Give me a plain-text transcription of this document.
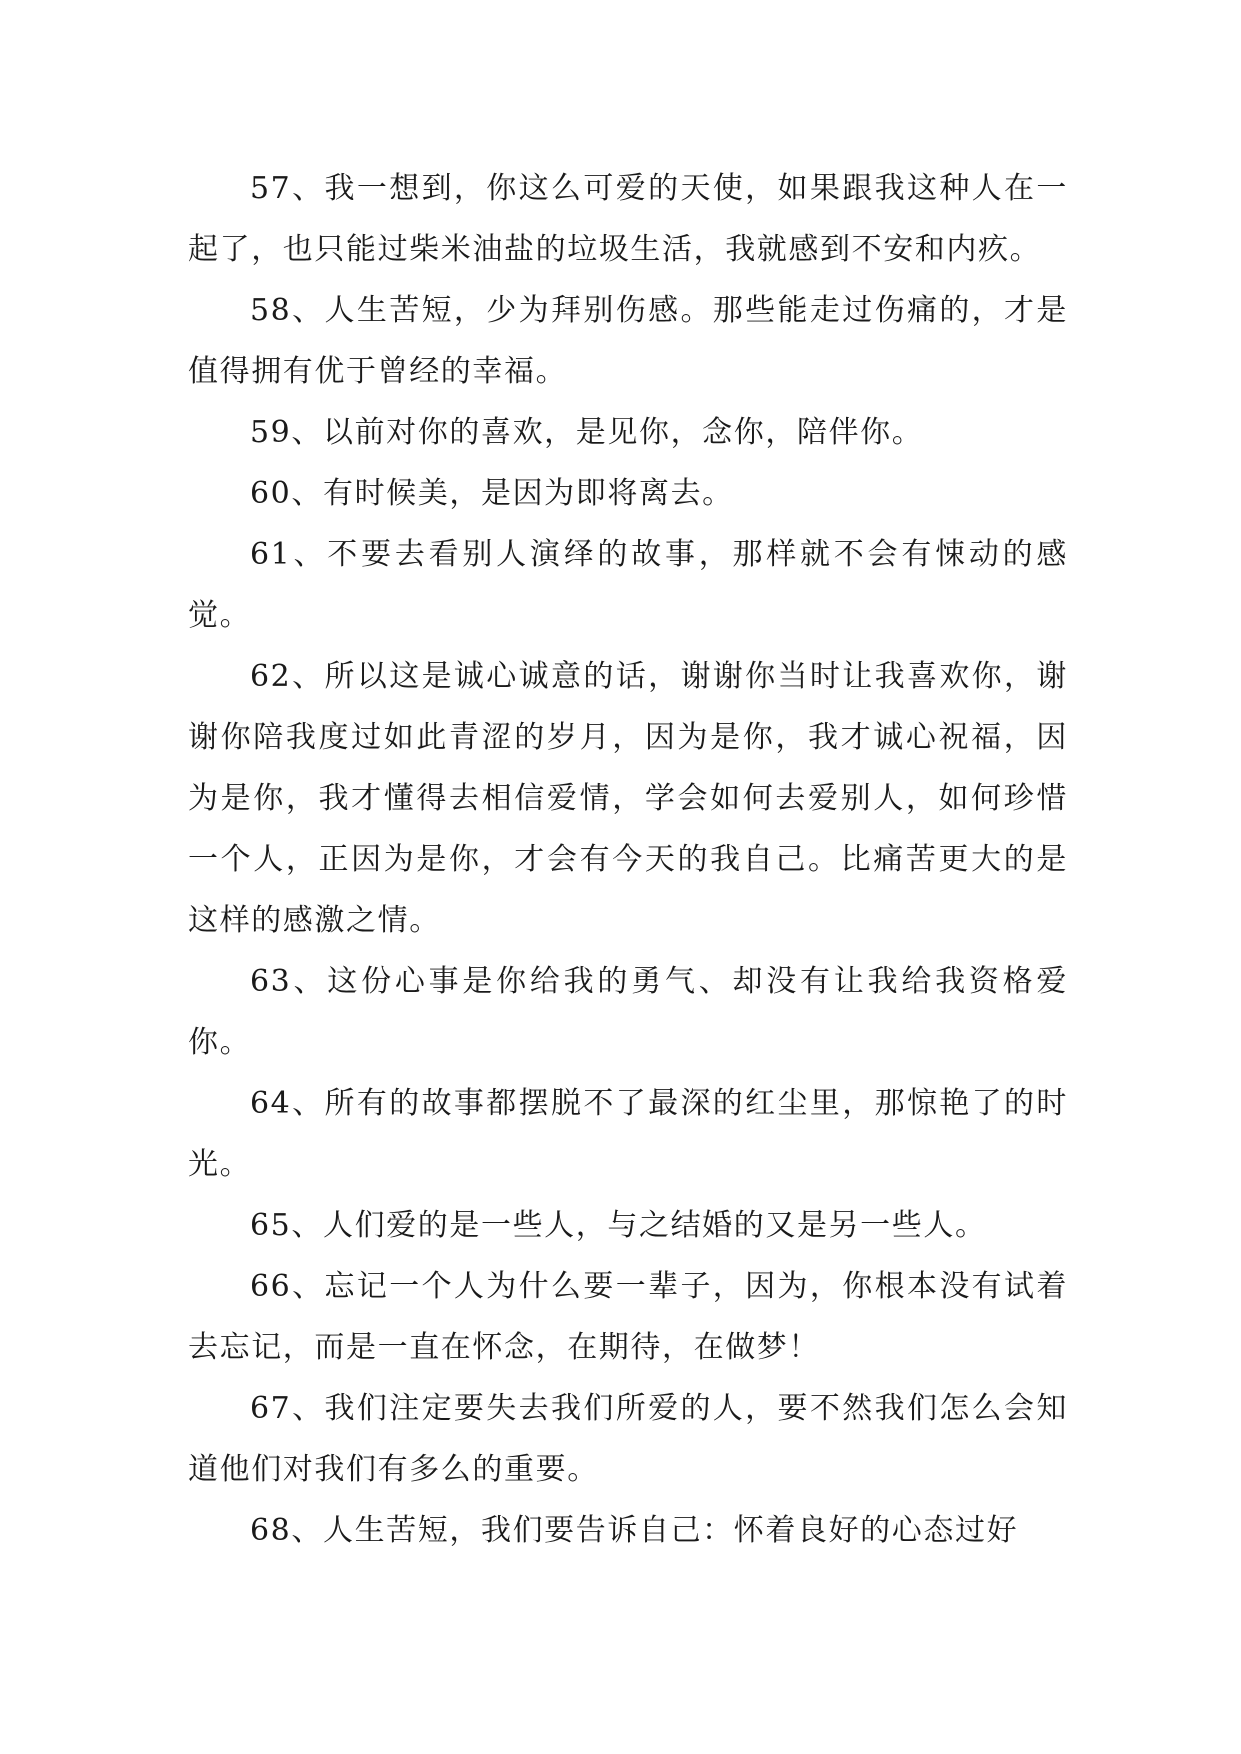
57、我一想到，你这么可爱的天使，如果跟我这种人在一起了，也只能过柴米油盐的垃圾生活，我就感到不安和内疚。

58、人生苦短，少为拜别伤感。那些能走过伤痛的，才是值得拥有优于曾经的幸福。

59、以前对你的喜欢，是见你，念你，陪伴你。

60、有时候美，是因为即将离去。

61、不要去看别人演绎的故事，那样就不会有悚动的感觉。

62、所以这是诚心诚意的话，谢谢你当时让我喜欢你，谢谢你陪我度过如此青涩的岁月，因为是你，我才诚心祝福，因为是你，我才懂得去相信爱情，学会如何去爱别人，如何珍惜一个人，正因为是你，才会有今天的我自己。比痛苦更大的是这样的感激之情。

63、这份心事是你给我的勇气、却没有让我给我资格爱你。

64、所有的故事都摆脱不了最深的红尘里，那惊艳了的时光。

65、人们爱的是一些人，与之结婚的又是另一些人。

66、忘记一个人为什么要一辈子，因为，你根本没有试着去忘记，而是一直在怀念，在期待，在做梦！

67、我们注定要失去我们所爱的人，要不然我们怎么会知道他们对我们有多么的重要。

68、人生苦短，我们要告诉自己：怀着良好的心态过好
